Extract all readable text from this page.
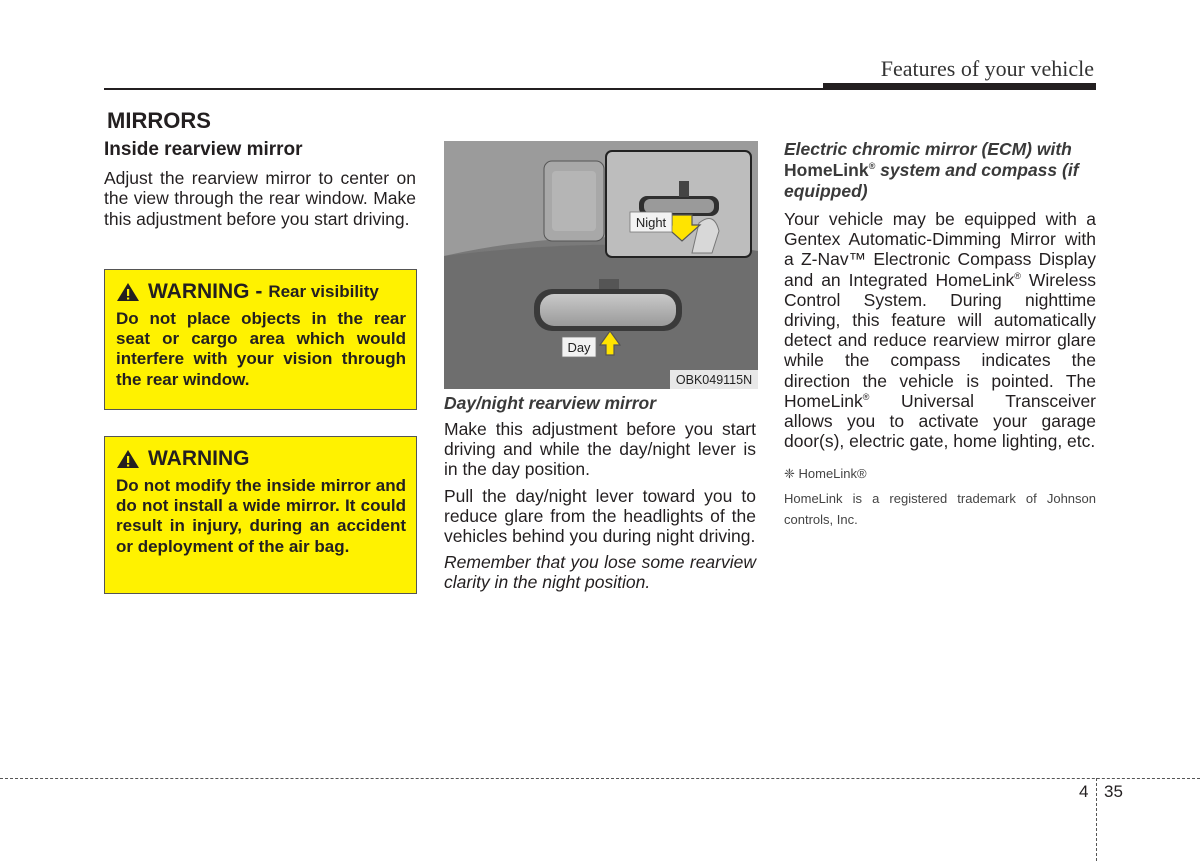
Features of your vehicle
MIRRORS
Inside rearview mirror
Adjust the rearview mirror to center on the view through the rear window. Make this adjustment before you start driving.
WARNING - Rear visibility
Do not place objects in the rear seat or cargo area which would interfere with your vision through the rear window.
WARNING
Do not modify the inside mirror and do not install a wide mirror. It could result in injury, during an accident or deployment of the air bag.
Night
Day
OBK049115N
Day/night rearview mirror
Make this adjustment before you start driving and while the day/night lever is in the day position.
Pull the day/night lever toward you to reduce glare from the headlights of the vehicles behind you during night driving.
Remember that you lose some rearview clarity in the night position.
Electric chromic mirror (ECM) with HomeLink® system and compass (if equipped)
Your vehicle may be equipped with a Gentex Automatic-Dimming Mirror with a Z-Nav™ Electronic Compass Display and an Integrated HomeLink® Wireless Control System. During nighttime driving, this feature will automatically detect and reduce rearview mirror glare while the compass indicates the direction the vehicle is pointed. The HomeLink® Universal Transceiver allows you to activate your garage door(s), electric gate, home lighting, etc.
❈ HomeLink®
HomeLink is a registered trademark of Johnson controls, Inc.
4 35
